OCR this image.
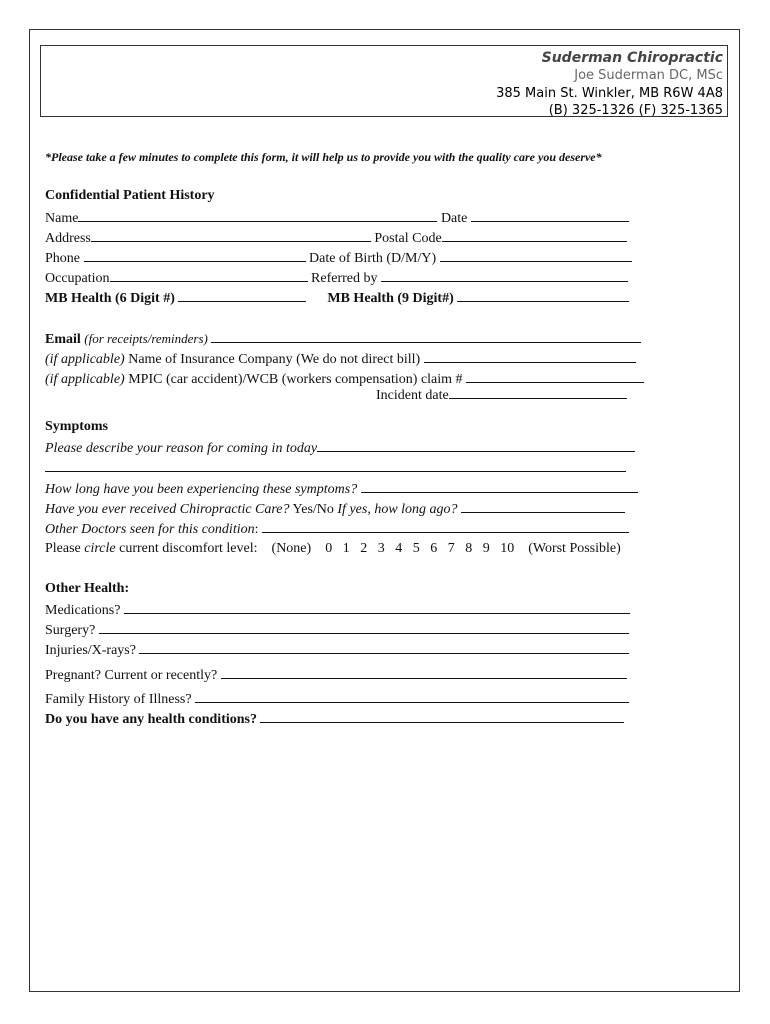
Suderman Chiropractic
Joe Suderman DC, MSc
385 Main St. Winkler, MB R6W 4A8
(B) 325-1326 (F) 325-1365
*Please take a few minutes to complete this form, it will help us to provide you with the quality care you deserve*
Confidential Patient History
Name	Date
Address	Postal Code
Phone	Date of Birth (D/M/Y)
Occupation	Referred by
MB Health (6 Digit #)	MB Health (9 Digit#)
Email (for receipts/reminders)
(if applicable) Name of Insurance Company (We do not direct bill)
(if applicable) MPIC (car accident)/WCB (workers compensation) claim #
Incident date
Symptoms
Please describe your reason for coming in today
How long have you been experiencing these symptoms?
Have you ever received Chiropractic Care? Yes/No If yes, how long ago?
Other Doctors seen for this condition:
Please circle current discomfort level: (None) 0 1 2 3 4 5 6 7 8 9 10 (Worst Possible)
Other Health:
Medications?
Surgery?
Injuries/X-rays?
Pregnant? Current or recently?
Family History of Illness?
Do you have any health conditions?
